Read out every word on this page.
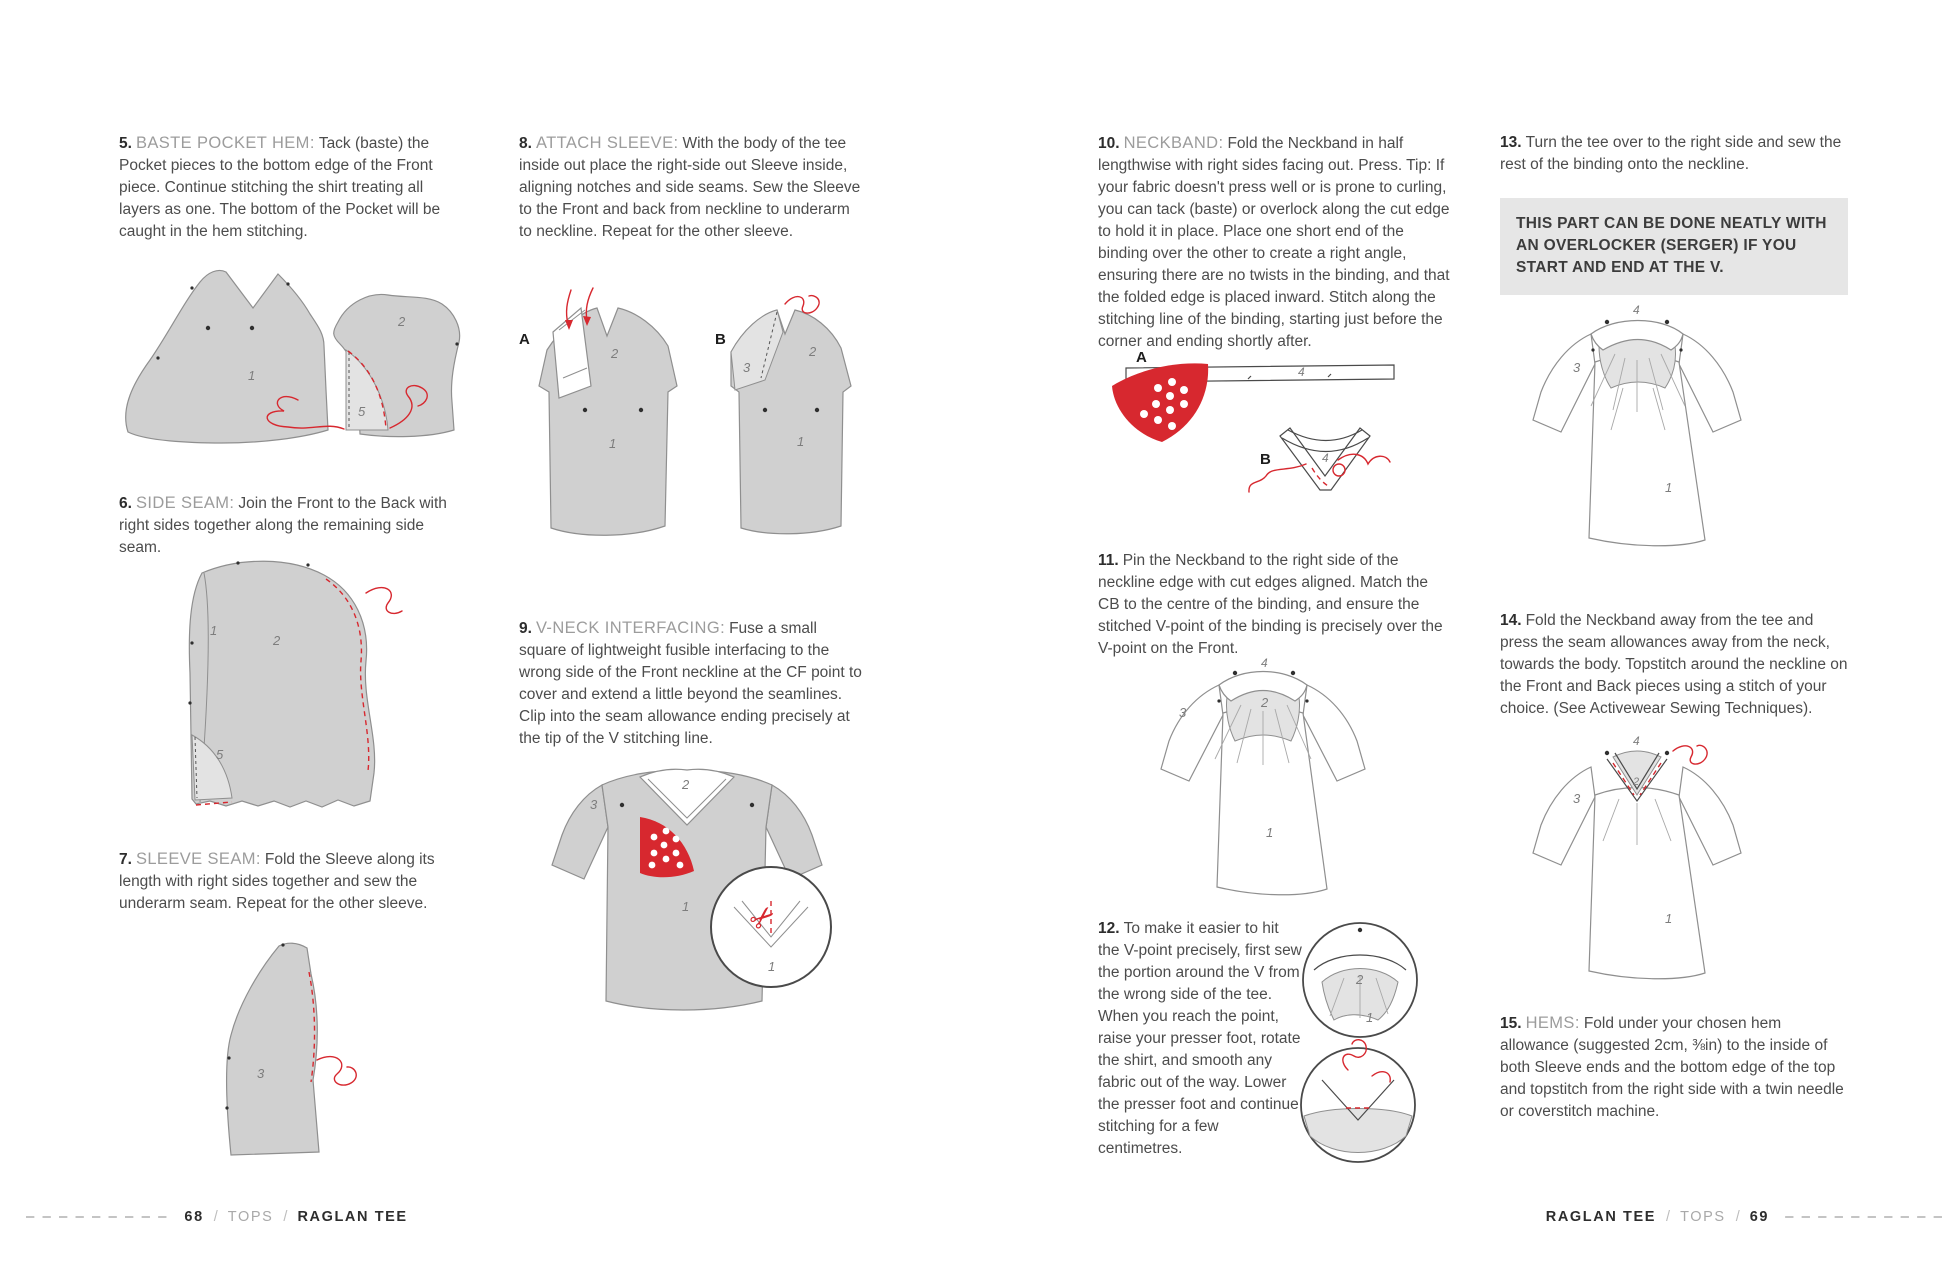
5. BASTE POCKET HEM: Tack (baste) the Pocket pieces to the bottom edge of the Front piece. Continue stitching the shirt treating all layers as one. The bottom of the Pocket will be caught in the hem stitching.

1
2
5

6. SIDE SEAM: Join the Front to the Back with right sides together along the remaining side seam.

1
2
5

7. SLEEVE SEAM: Fold the Sleeve along its length with right sides together and sew the underarm seam. Repeat for the other sleeve.

3

8. ATTACH SLEEVE: With the body of the tee inside out place the right-side out Sleeve inside, aligning notches and side seams. Sew the Sleeve to the Front and back from neckline to underarm to neckline. Repeat for the other sleeve.

A
2
1
B
3
2
1

9. V-NECK INTERFACING: Fuse a small square of lightweight fusible interfacing to the wrong side of the Front neckline at the CF point to cover and extend a little beyond the seamlines. Clip into the seam allowance ending precisely at the tip of the V stitching line.

✂
3
2
1
1

10. NECKBAND: Fold the Neckband in half lengthwise with right sides facing out. Press. Tip: If your fabric doesn't press well or is prone to curling, you can tack (baste) or overlock along the cut edge to hold it in place. Place one short end of the binding over the other to create a right angle, ensuring there are no twists in the binding, and that the folded edge is placed inward. Stitch along the stitching line of the binding, starting just before the corner and ending shortly after.

A
4
B	4

11. Pin the Neckband to the right side of the neckline edge with cut edges aligned. Match the CB to the centre of the binding, and ensure the stitched V-point of the binding is precisely over the V-point on the Front.

4
2
3
1

12. To make it easier to hit the V-point precisely, first sew the portion around the V from the wrong side of the tee. When you reach the point, raise your presser foot, rotate the shirt, and smooth any fabric out of the way. Lower the presser foot and continue stitching for a few centimetres.

2
1

13. Turn the tee over to the right side and sew the rest of the binding onto the neckline.

THIS PART CAN BE DONE NEATLY WITH AN OVERLOCKER (SERGER) IF YOU START AND END AT THE V.
4
3
1

14. Fold the Neckband away from the tee and press the seam allowances away from the neck, towards the body. Topstitch around the neckline on the Front and Back pieces using a stitch of your choice. (See Activewear Sewing Techniques).

4
2
3
1

15. HEMS: Fold under your chosen hem allowance (suggested 2cm, ⅜in) to the inside of both Sleeve ends and the bottom edge of the top and topstitch from the right side with a twin needle or coverstitch machine.

– – – – – – – – – 68 / TOPS / RAGLAN TEE	RAGLAN TEE / TOPS / 69 – – – – – – – – – –
